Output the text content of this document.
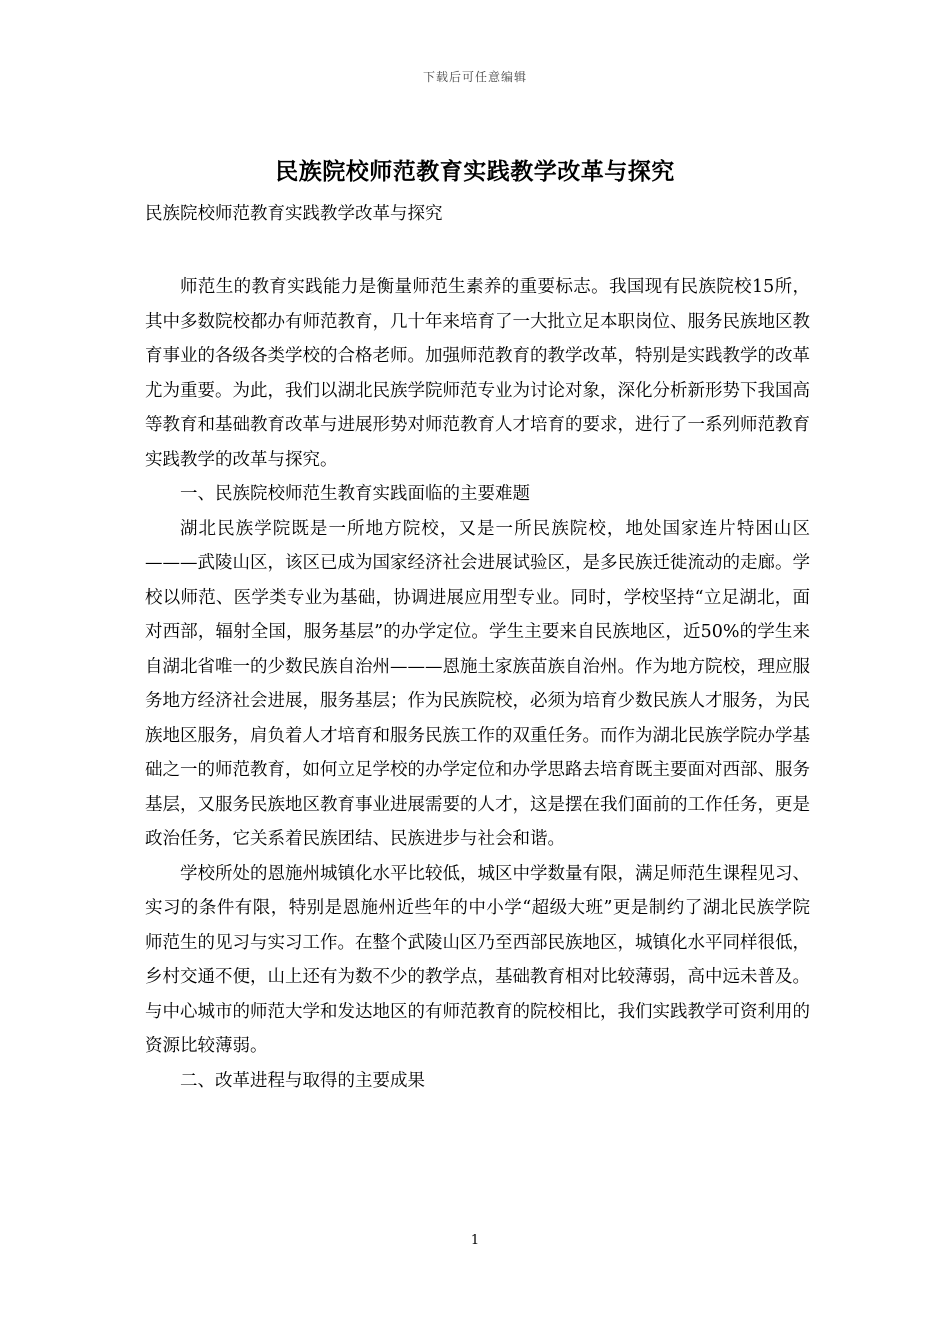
下载后可任意编辑
民族院校师范教育实践教学改革与探究
民族院校师范教育实践教学改革与探究

师范生的教育实践能力是衡量师范生素养的重要标志。我国现有民族院校15所，其中多数院校都办有师范教育，几十年来培育了一大批立足本职岗位、服务民族地区教育事业的各级各类学校的合格老师。加强师范教育的教学改革，特别是实践教学的改革尤为重要。为此，我们以湖北民族学院师范专业为讨论对象，深化分析新形势下我国高等教育和基础教育改革与进展形势对师范教育人才培育的要求，进行了一系列师范教育实践教学的改革与探究。

一、民族院校师范生教育实践面临的主要难题

湖北民族学院既是一所地方院校，又是一所民族院校，地处国家连片特困山区———武陵山区，该区已成为国家经济社会进展试验区，是多民族迁徙流动的走廊。学校以师范、医学类专业为基础，协调进展应用型专业。同时，学校坚持“立足湖北，面对西部，辐射全国，服务基层”的办学定位。学生主要来自民族地区，近50%的学生来自湖北省唯一的少数民族自治州———恩施土家族苗族自治州。作为地方院校，理应服务地方经济社会进展，服务基层；作为民族院校，必须为培育少数民族人才服务，为民族地区服务，肩负着人才培育和服务民族工作的双重任务。而作为湖北民族学院办学基础之一的师范教育，如何立足学校的办学定位和办学思路去培育既主要面对西部、服务基层，又服务民族地区教育事业进展需要的人才，这是摆在我们面前的工作任务，更是政治任务，它关系着民族团结、民族进步与社会和谐。

学校所处的恩施州城镇化水平比较低，城区中学数量有限，满足师范生课程见习、实习的条件有限，特别是恩施州近些年的中小学“超级大班”更是制约了湖北民族学院师范生的见习与实习工作。在整个武陵山区乃至西部民族地区，城镇化水平同样很低，乡村交通不便，山上还有为数不少的教学点，基础教育相对比较薄弱，高中远未普及。与中心城市的师范大学和发达地区的有师范教育的院校相比，我们实践教学可资利用的资源比较薄弱。

二、改革进程与取得的主要成果

1
